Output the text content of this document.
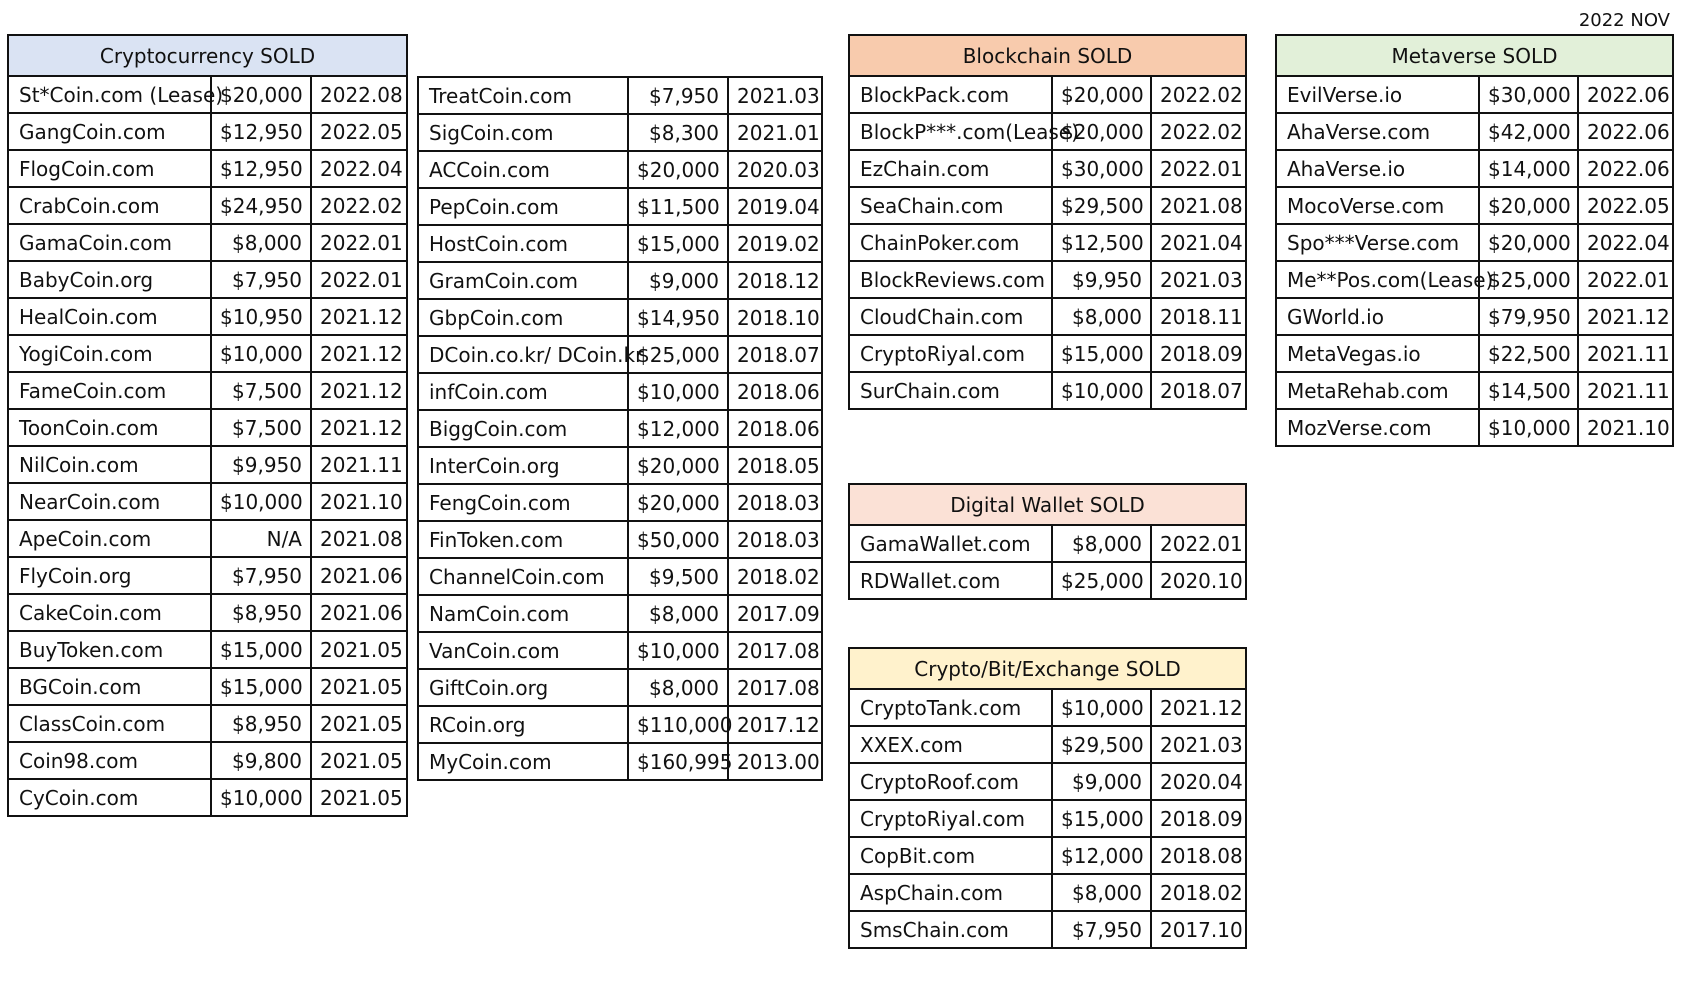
2022 NOV
Cryptocurrency SOLD		
St*Coin.com (Lease)	$20,000	2022.08
GangCoin.com	$12,950	2022.05
FlogCoin.com	$12,950	2022.04
CrabCoin.com	$24,950	2022.02
GamaCoin.com	$8,000	2022.01
BabyCoin.org	$7,950	2022.01
HealCoin.com	$10,950	2021.12
YogiCoin.com	$10,000	2021.12
FameCoin.com	$7,500	2021.12
ToonCoin.com	$7,500	2021.12
NilCoin.com	$9,950	2021.11
NearCoin.com	$10,000	2021.10
ApeCoin.com	N/A	2021.08
FlyCoin.org	$7,950	2021.06
CakeCoin.com	$8,950	2021.06
BuyToken.com	$15,000	2021.05
BGCoin.com	$15,000	2021.05
ClassCoin.com	$8,950	2021.05
Coin98.com	$9,800	2021.05
CyCoin.com	$10,000	2021.05
TreatCoin.com	$7,950	2021.03
SigCoin.com	$8,300	2021.01
ACCoin.com	$20,000	2020.03
PepCoin.com	$11,500	2019.04
HostCoin.com	$15,000	2019.02
GramCoin.com	$9,000	2018.12
GbpCoin.com	$14,950	2018.10
DCoin.co.kr/ DCoin.kr	$25,000	2018.07
infCoin.com	$10,000	2018.06
BiggCoin.com	$12,000	2018.06
InterCoin.org	$20,000	2018.05
FengCoin.com	$20,000	2018.03
FinToken.com	$50,000	2018.03
ChannelCoin.com	$9,500	2018.02
NamCoin.com	$8,000	2017.09
VanCoin.com	$10,000	2017.08
GiftCoin.org	$8,000	2017.08
RCoin.org	$110,000	2017.12
MyCoin.com	$160,995	2013.00
Blockchain SOLD		
BlockPack.com	$20,000	2022.02
BlockP***.com(Lease)	$20,000	2022.02
EzChain.com	$30,000	2022.01
SeaChain.com	$29,500	2021.08
ChainPoker.com	$12,500	2021.04
BlockReviews.com	$9,950	2021.03
CloudChain.com	$8,000	2018.11
CryptoRiyal.com	$15,000	2018.09
SurChain.com	$10,000	2018.07
Digital Wallet SOLD		
GamaWallet.com	$8,000	2022.01
RDWallet.com	$25,000	2020.10
Crypto/Bit/Exchange SOLD		
CryptoTank.com	$10,000	2021.12
XXEX.com	$29,500	2021.03
CryptoRoof.com	$9,000	2020.04
CryptoRiyal.com	$15,000	2018.09
CopBit.com	$12,000	2018.08
AspChain.com	$8,000	2018.02
SmsChain.com	$7,950	2017.10
Metaverse SOLD		
EvilVerse.io	$30,000	2022.06
AhaVerse.com	$42,000	2022.06
AhaVerse.io	$14,000	2022.06
MocoVerse.com	$20,000	2022.05
Spo***Verse.com	$20,000	2022.04
Me**Pos.com(Lease)	$25,000	2022.01
GWorld.io	$79,950	2021.12
MetaVegas.io	$22,500	2021.11
MetaRehab.com	$14,500	2021.11
MozVerse.com	$10,000	2021.10
